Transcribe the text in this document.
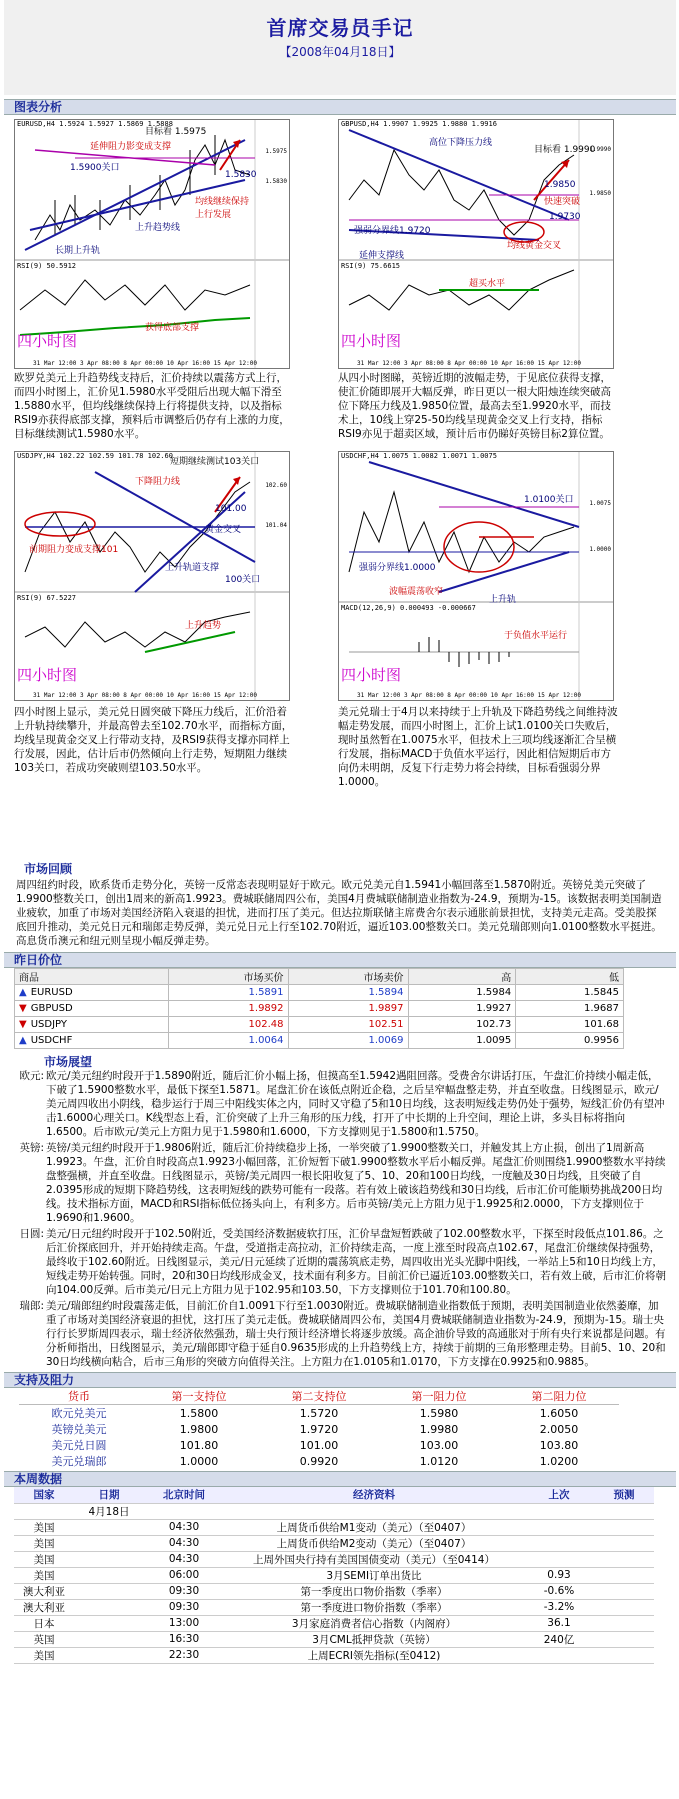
首席交易员手记
【2008年04月18日】
图表分析
EURUSD,H4 1.5924 1.5927 1.5869 1.5888
目标看 1.5975
延伸阻力影变成支撑
1.5900关口
1.5830
均线继续保持上行发展
上升趋势线
长期上升轨
1.5975
1.5830
RSI(9) 50.5912
获得底部支撑
四小时图
31 Mar 12:00 3 Apr 08:00 8 Apr 00:00 10 Apr 16:00 15 Apr 12:00
欧罗兑美元上升趋势线支持后，汇价持续以震荡方式上行，而四小时图上，汇价见1.5980水平受阻后出现大幅下滑至1.5880水平，但均线继续保持上行将提供支持，以及指标RSI9亦获得底部支撑，预料后市调整后仍存有上涨的力度，目标继续测试1.5980水平。
GBPUSD,H4 1.9907 1.9925 1.9880 1.9916
目标看 1.9990
高位下降压力线
1.9850
快速突破
1.9730
强弱分界线1.9720
延伸支撑线
均线黄金交叉
1.9990
1.9850
RSI(9) 75.6615
超买水平
四小时图
31 Mar 12:00 3 Apr 08:00 8 Apr 00:00 10 Apr 16:00 15 Apr 12:00
从四小时图睇，英镑近期的波幅走势，于见底位获得支撑，使汇价随即展开大幅反弹，昨日更以一根大阳烛连续突破高位下降压力线及1.9850位置，最高去至1.9920水平，而技术上，10线上穿25-50均线呈现黄金交叉上行支持，指标RSI9亦见于超卖区域，预计后市仍睇好英镑目标2算位置。
USDJPY,H4 102.22 102.59 101.78 102.60
短期继续测试103关口
下降阻力线
101.00
黄金交叉
前期阻力变成支撑101
上升轨道支撑
100关口
102.60
101.04
RSI(9) 67.5227
上升趋势
四小时图
31 Mar 12:00 3 Apr 08:00 8 Apr 00:00 10 Apr 16:00 15 Apr 12:00
四小时图上显示，美元兑日圆突破下降压力线后，汇价沿着上升轨持续攀升，并最高曾去至102.70水平，而指标方面，均线呈现黄金交叉上行带动支持，及RSI9获得支撑亦同样上行发展，因此，估计后市仍然倾向上行走势，短期阻力继续103关口，若成功突破则望103.50水平。
USDCHF,H4 1.0075 1.0082 1.0071 1.0075
1.0100关口
强弱分界线1.0000
波幅震荡收窄
上升轨
1.0075
1.0000
MACD(12,26,9) 0.000493 -0.000667
于负值水平运行
四小时图
31 Mar 12:00 3 Apr 08:00 8 Apr 00:00 10 Apr 16:00 15 Apr 12:00
美元兑瑞士于4月以来持续于上升轨及下降趋势线之间维持波幅走势发展，而四小时图上，汇价上试1.0100关口失败后，现时虽然暂在1.0075水平，但技术上三项均线逐渐汇合呈横行发展，指标MACD于负值水平运行，因此相信短期后市方向仍未明朗，反复下行走势力将会持续，目标看强弱分界1.0000。
市场回顾
周四纽约时段，欧系货币走势分化，英镑一反常态表现明显好于欧元。欧元兑美元自1.5941小幅回落至1.5870附近。英镑兑美元突破了1.9900整数关口，创出1周来的新高1.9923。费城联储周四公布，美国4月费城联储制造业指数为-24.9，预期为-15。该数据表明美国制造业疲软，加重了市场对美国经济陷入衰退的担忧，进而打压了美元。但达拉斯联储主席费舍尔表示通胀前景担忧，支持美元走高。受美股探底回升推动，美元兑日元和瑞郎走势反弹，美元兑日元上行至102.70附近，逼近103.00整数关口。美元兑瑞郎则向1.0100整数水平挺进。高息货币澳元和纽元则呈现小幅反弹走势。
昨日价位
商品	市场买价	市场卖价	高	低
▲ EURUSD	1.5891	1.5894	1.5984	1.5845
▼ GBPUSD	1.9892	1.9897	1.9927	1.9687
▼ USDJPY	102.48	102.51	102.73	101.68
▲ USDCHF	1.0064	1.0069	1.0095	0.9956
市场展望
欧元: 欧元/美元纽约时段开于1.5890附近，随后汇价小幅上扬，但摸高至1.5942遇阻回落。受费舍尔讲话打压，午盘汇价持续小幅走低，下破了1.5900整数水平，最低下探至1.5871。尾盘汇价在该低点附近企稳，之后呈窄幅盘整走势，并直至收盘。日线图显示，欧元/美元周四收出小阴线，稳步运行于周三中阳线实体之内，同时又守稳了5和10日均线，这表明短线走势仍处于强势，短线汇价仍有望冲击1.6000心理关口。K线型态上看，汇价突破了上升三角形的压力线，打开了中长期的上升空间，理论上讲，多头目标将指向1.6500。后市欧元/美元上方阻力见于1.5980和1.6000，下方支撑则见于1.5800和1.5750。
英镑: 英镑/美元纽约时段开于1.9806附近，随后汇价持续稳步上扬，一举突破了1.9900整数关口，并触发其上方止损，创出了1周新高1.9923。午盘，汇价自时段高点1.9923小幅回落，汇价短暂下破1.9900整数水平后小幅反弹。尾盘汇价则围绕1.9900整数水平持续盘整强横，并直至收盘。日线图显示，英镑/美元周四一根长阳收复了5、10、20和100日均线，一度触及30日均线，且突破了自2.0395形成的短期下降趋势线，这表明短线的跌势可能有一段落。若有效上破该趋势线和30日均线，后市汇价可能顺势挑战200日均线。技术指标方面，MACD和RSI指标低位扬头向上，有利多方。后市英镑/美元上方阻力见于1.9925和2.0000，下方支撑则位于1.9690和1.9600。
日圆: 美元/日元纽约时段开于102.50附近，受美国经济数据疲软打压，汇价早盘短暂跌破了102.00整数水平，下探至时段低点101.86。之后汇价探底回升，并开始持续走高。午盘，受道指走高拉动，汇价持续走高，一度上涨至时段高点102.67，尾盘汇价继续保持强势，最终收于102.60附近。日线图显示，美元/日元延续了近期的震荡筑底走势，周四收出光头光脚中阳线，一举站上5和10日均线上方，短线走势开始转强。同时，20和30日均线形成金叉，技术面有利多方。目前汇价已逼近103.00整数关口，若有效上破，后市汇价将朝向104.00反弹。后市美元/日元上方阻力见于102.95和103.50，下方支撑则位于101.70和100.80。
瑞郎: 美元/瑞郎纽约时段震荡走低，目前汇价自1.0091下行至1.0030附近。费城联储制造业指数低于预期，表明美国制造业依然萎靡，加重了市场对美国经济衰退的担忧，这打压了美元走低。费城联储周四公布，美国4月费城联储制造业指数为-24.9，预期为-15。瑞士央行行长罗斯周四表示，瑞士经济依然强劲，瑞士央行预计经济增长将逐步放缓。高企油价导致的高通胀对于所有央行来说都是问题。有分析师指出，日线图显示，美元/瑞郎即守稳于延自0.9635形成的上升趋势线上方，持续于前期的三角形整理走势。目前5、10、20和30日均线横向粘合，后市三角形的突破方向值得关注。上方阻力在1.0105和1.0170，下方支撑在0.9925和0.9885。
支持及阻力
货币	第一支持位	第二支持位	第一阻力位	第二阻力位
欧元兑美元	1.5800	1.5720	1.5980	1.6050
英镑兑美元	1.9800	1.9720	1.9980	2.0050
美元兑日圆	101.80	101.00	103.00	103.80
美元兑瑞郎	1.0000	0.9920	1.0120	1.0200
本周数据
国家	日期	北京时间	经济资料	上次	预测
	4月18日				
美国		04:30	上周货币供给M1变动（美元）（至0407）		
美国		04:30	上周货币供给M2变动（美元）（至0407）		
美国		04:30	上周外国央行持有美国国债变动（美元）（至0414）		
美国		06:00	3月SEMI订单出货比	0.93	
澳大利亚		09:30	第一季度出口物价指数（季率）	-0.6%	
澳大利亚		09:30	第一季度进口物价指数（季率）	-3.2%	
日本		13:00	3月家庭消费者信心指数（内阁府）	36.1	
英国		16:30	3月CML抵押贷款（英镑）	240亿	
美国		22:30	上周ECRI领先指标(至0412)		
